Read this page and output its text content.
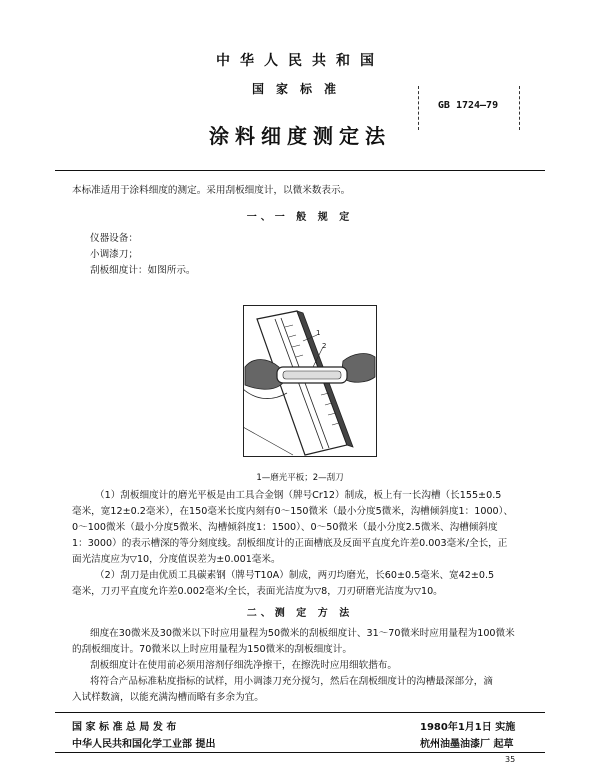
中华人民共和国
国家标准
涂料细度测定法
GB 1724—79
本标准适用于涂料细度的测定。采用刮板细度计，以微米数表示。
一、一 般 规 定
仪器设备：
小调漆刀；
刮板细度计：如图所示。
1
2
1—磨光平板；2—刮刀
（1）刮板细度计的磨光平板是由工具合金钢（牌号Cr12）制成，板上有一长沟槽（长155±0.5
毫米，宽12±0.2毫米），在150毫米长度内刻有0～150微米（最小分度5微米，沟槽倾斜度1：1000）、
0～100微米（最小分度5微米、沟槽倾斜度1：1500）、0～50微米（最小分度2.5微米、沟槽倾斜度
1：3000）的表示槽深的等分刻度线。刮板细度计的正面槽底及反面平直度允许差0.003毫米/全长，正
面光洁度应为▽10，分度值误差为±0.001毫米。
（2）刮刀是由优质工具碳素钢（牌号T10A）制成，两刃均磨光，长60±0.5毫米、宽42±0.5
毫米，刀刃平直度允许差0.002毫米/全长，表面光洁度为▽8，刀刃研磨光洁度为▽10。
二、测 定 方 法
细度在30微米及30微米以下时应用量程为50微米的刮板细度计、31～70微米时应用量程为100微米
的刮板细度计。70微米以上时应用量程为150微米的刮板细度计。
刮板细度计在使用前必须用溶剂仔细洗净擦干，在擦洗时应用细软揩布。
将符合产品标准粘度指标的试样，用小调漆刀充分搅匀，然后在刮板细度计的沟槽最深部分，滴
入试样数滴，以能充满沟槽而略有多余为宜。
国 家 标 准 总 局 发 布
中华人民共和国化学工业部 提出
1980年1月1日 实施
杭州油墨油漆厂 起草
35
